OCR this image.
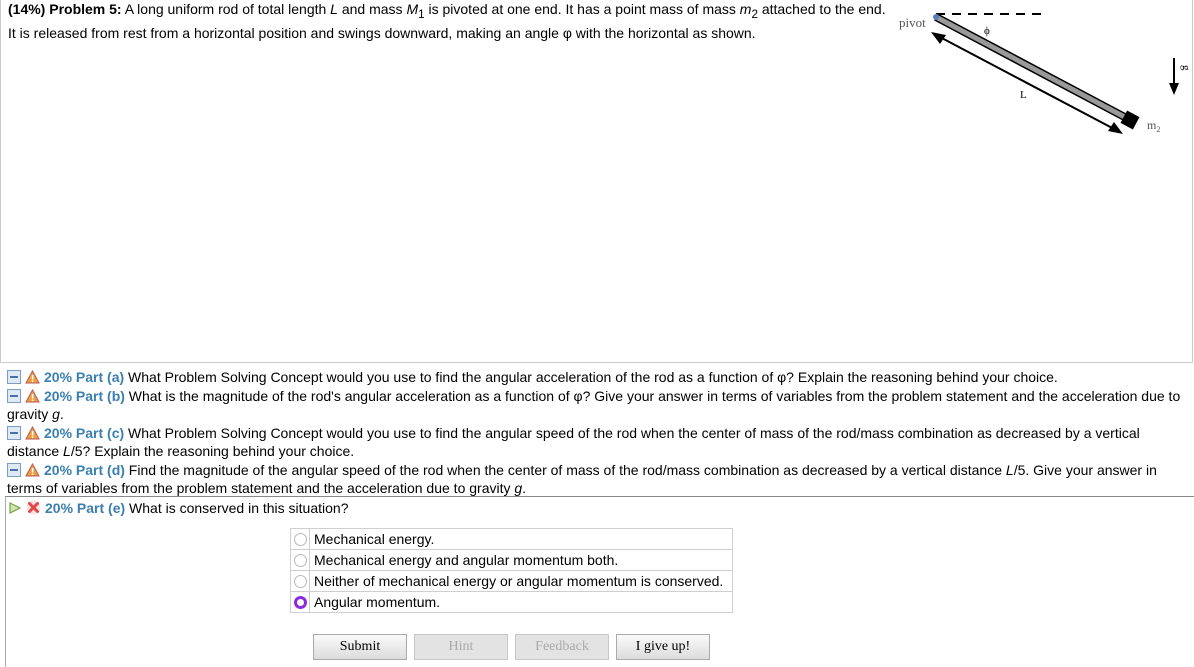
(14%) Problem 5: A long uniform rod of total length L and mass $M_1$ is pivoted at one end. It has a point mass of mass $m_2$ attached to the end. It is released from rest from a horizontal position and swings downward, making an angle φ with the horizontal as shown.
pivot
ϕ
L
g
$m_2$
20% Part (a) What Problem Solving Concept would you use to find the angular acceleration of the rod as a function of φ? Explain the reasoning behind your choice.
20% Part (b) What is the magnitude of the rod's angular acceleration as a function of φ? Give your answer in terms of variables from the problem statement and the acceleration due to gravity g.
20% Part (c) What Problem Solving Concept would you use to find the angular speed of the rod when the center of mass of the rod/mass combination as decreased by a vertical distance L/5? Explain the reasoning behind your choice.
20% Part (d) Find the magnitude of the angular speed of the rod when the center of mass of the rod/mass combination as decreased by a vertical distance L/5. Give your answer in terms of variables from the problem statement and the acceleration due to gravity g.
20% Part (e) What is conserved in this situation?
	Mechanical energy.
	Mechanical energy and angular momentum both.
	Neither of mechanical energy or angular momentum is conserved.
	Angular momentum.
Submit	Hint	Feedback	I give up!
